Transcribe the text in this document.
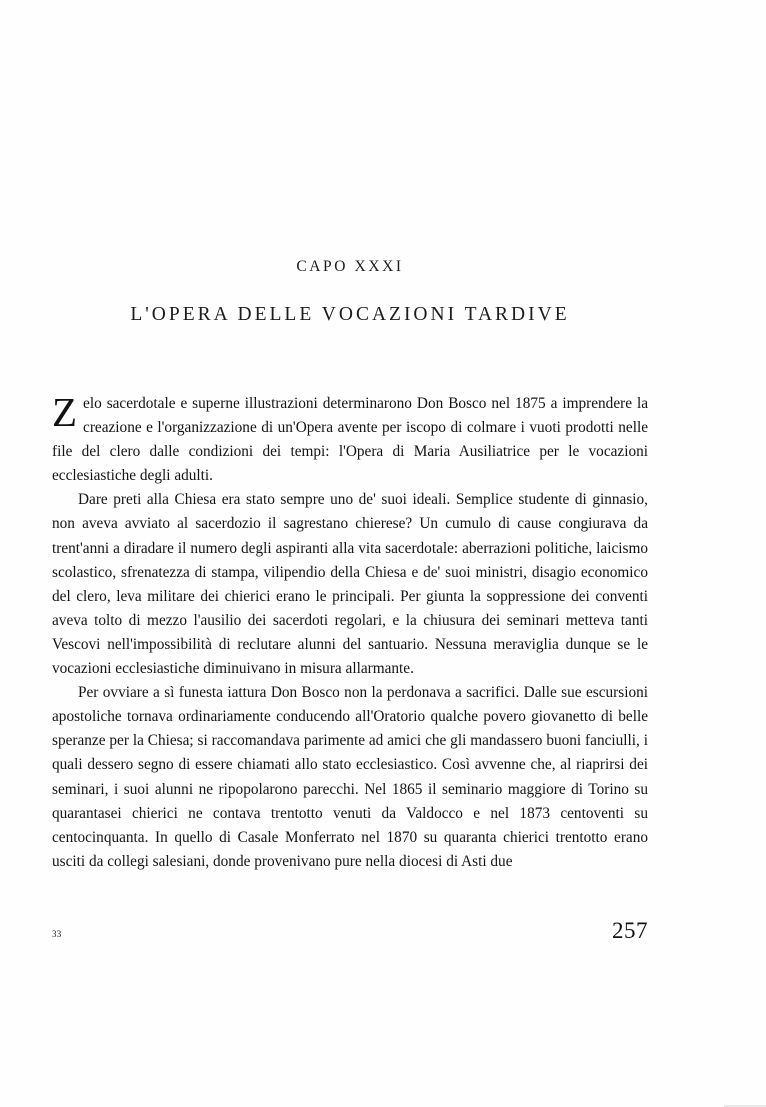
CAPO XXXI
L'OPERA DELLE VOCAZIONI TARDIVE

Zelo sacerdotale e superne illustrazioni determinarono Don Bosco nel 1875 a imprendere la creazione e l'organizzazione di un'Opera avente per iscopo di colmare i vuoti prodotti nelle file del clero dalle condizioni dei tempi: l'Opera di Maria Ausiliatrice per le vocazioni ecclesiastiche degli adulti.

Dare preti alla Chiesa era stato sempre uno de' suoi ideali. Semplice studente di ginnasio, non aveva avviato al sacerdozio il sagrestano chierese? Un cumulo di cause congiurava da trent'anni a diradare il numero degli aspiranti alla vita sacerdotale: aberrazioni politiche, laicismo scolastico, sfrenatezza di stampa, vilipendio della Chiesa e de' suoi ministri, disagio economico del clero, leva militare dei chierici erano le principali. Per giunta la soppressione dei conventi aveva tolto di mezzo l'ausilio dei sacerdoti regolari, e la chiusura dei seminari metteva tanti Vescovi nell'impossibilità di reclutare alunni del santuario. Nessuna meraviglia dunque se le vocazioni ecclesiastiche diminuivano in misura allarmante.

Per ovviare a sì funesta iattura Don Bosco non la perdonava a sacrifici. Dalle sue escursioni apostoliche tornava ordinariamente conducendo all'Oratorio qualche povero giovanetto di belle speranze per la Chiesa; si raccomandava parimente ad amici che gli mandassero buoni fanciulli, i quali dessero segno di essere chiamati allo stato ecclesiastico. Così avvenne che, al riaprirsi dei seminari, i suoi alunni ne ripopolarono parecchi. Nel 1865 il seminario maggiore di Torino su quarantasei chierici ne contava trentotto venuti da Valdocco e nel 1873 centoventi su centocinquanta. In quello di Casale Monferrato nel 1870 su quaranta chierici trentotto erano usciti da collegi salesiani, donde provenivano pure nella diocesi di Asti due

33	257
